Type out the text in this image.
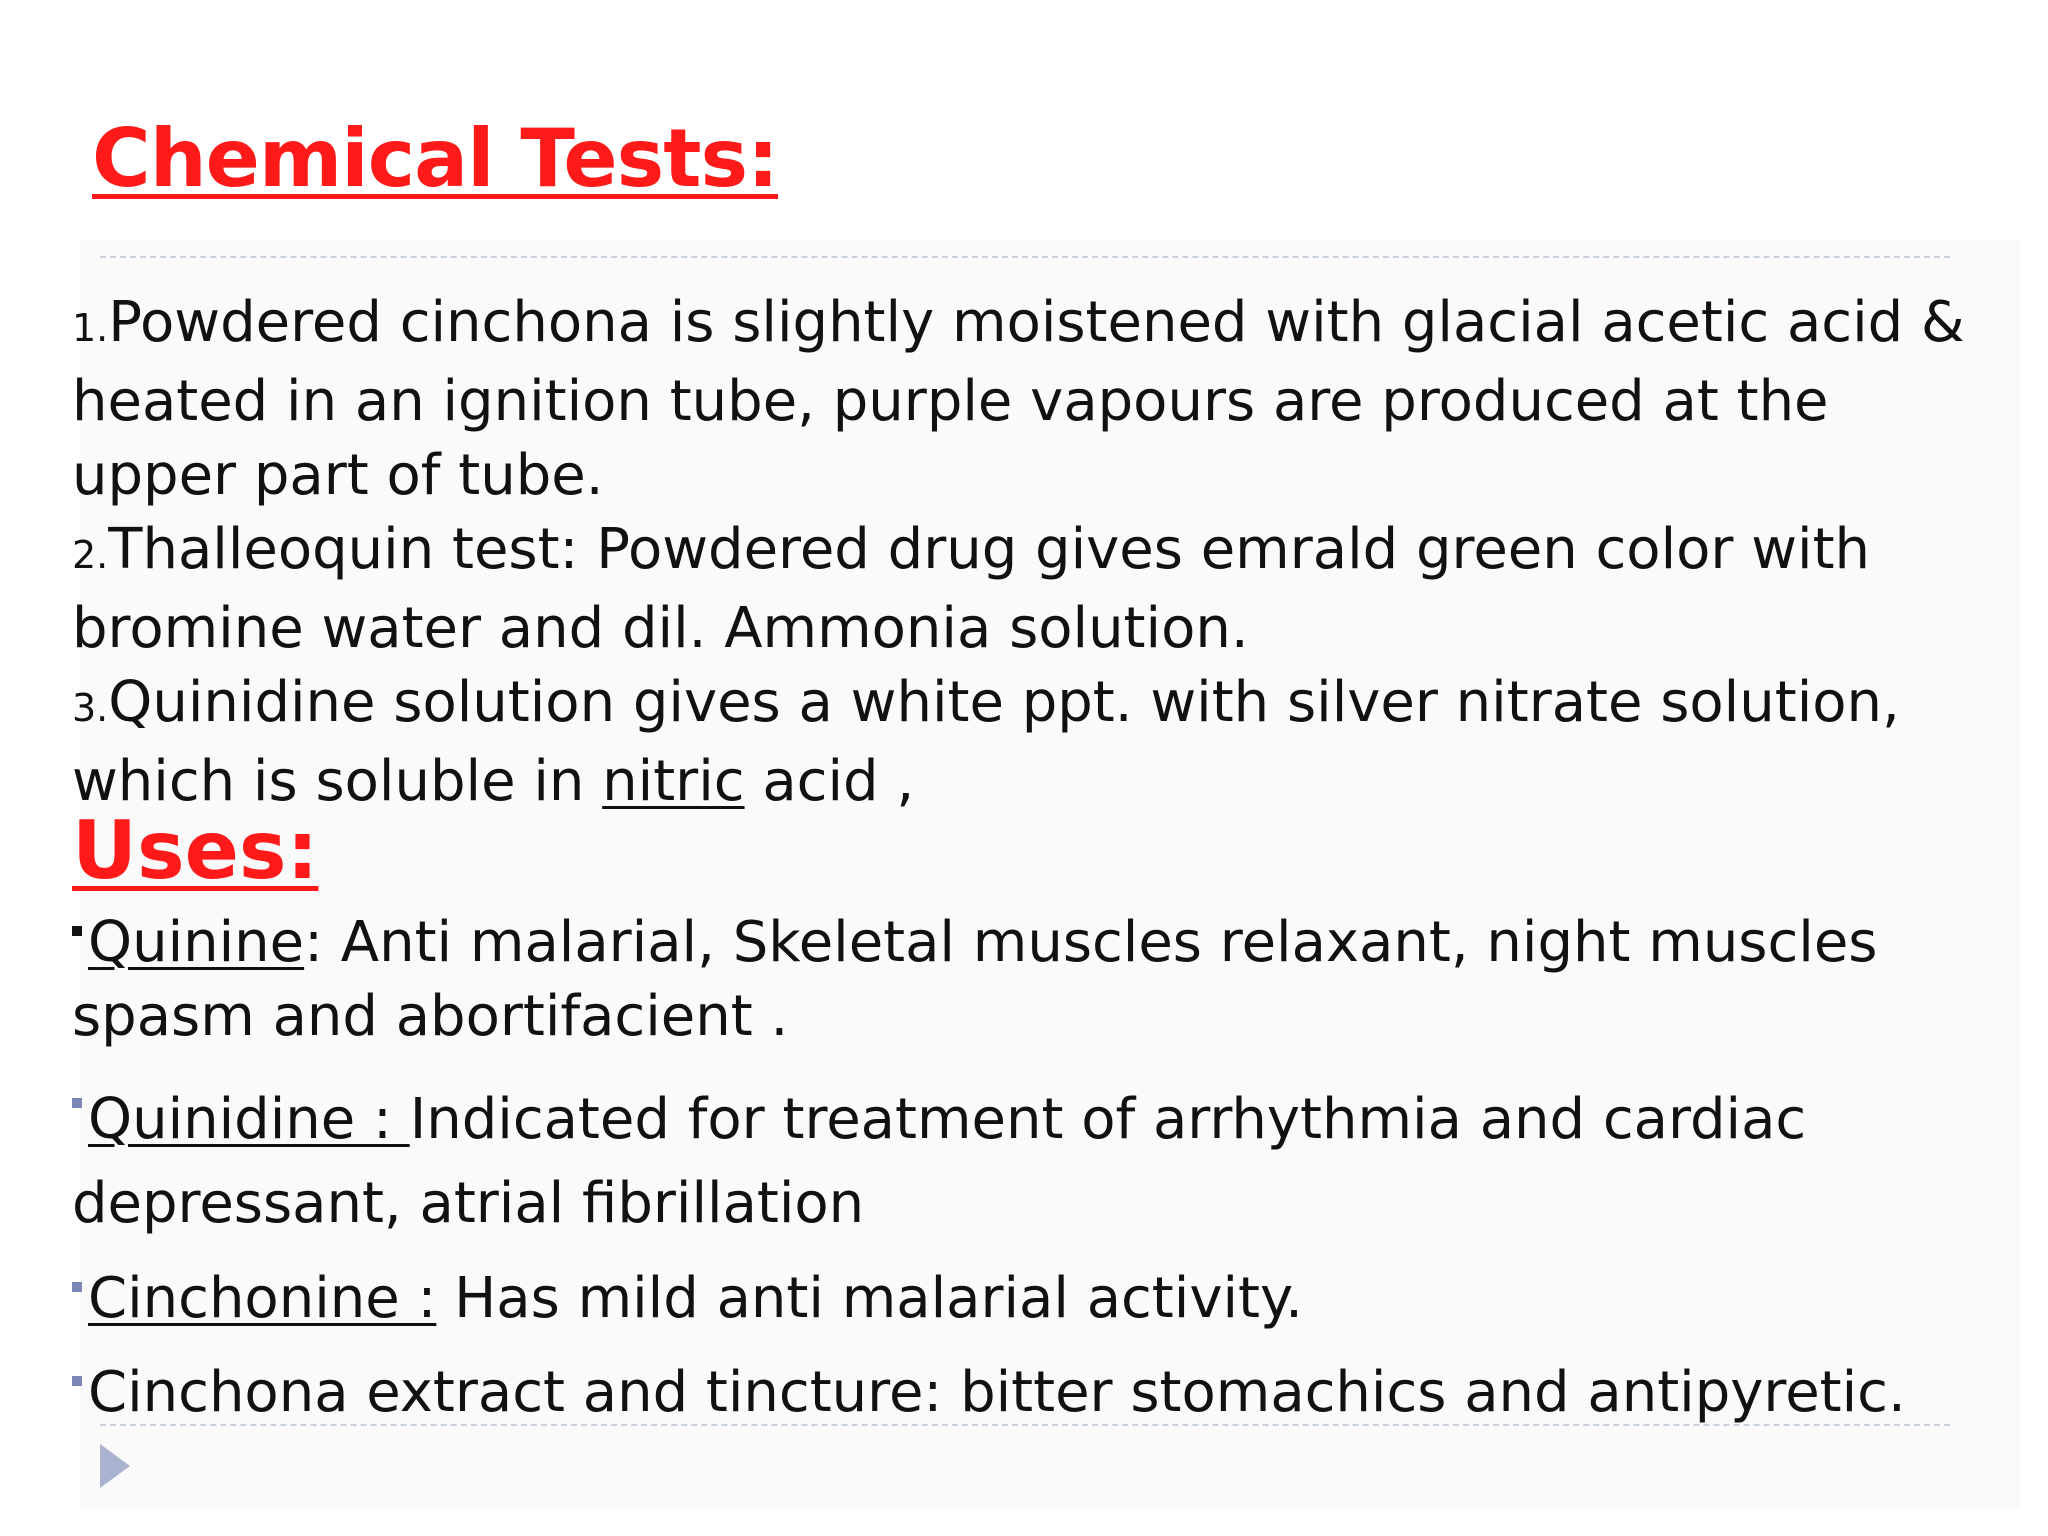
Chemical Tests:
1.Powdered cinchona is slightly moistened with glacial acetic acid & heated in an ignition tube, purple vapours are produced at the upper part of tube.
2.Thalleoquin test: Powdered drug gives emrald green color with bromine water and dil. Ammonia solution.
3.Quinidine solution gives a white ppt. with silver nitrate solution, which is soluble in nitric acid ,
Uses:
Quinine: Anti malarial, Skeletal muscles relaxant, night muscles spasm and abortifacient .
Quinidine : Indicated for treatment of arrhythmia and cardiac depressant, atrial fibrillation
Cinchonine : Has mild anti malarial activity.
Cinchona extract and tincture: bitter stomachics and antipyretic.
